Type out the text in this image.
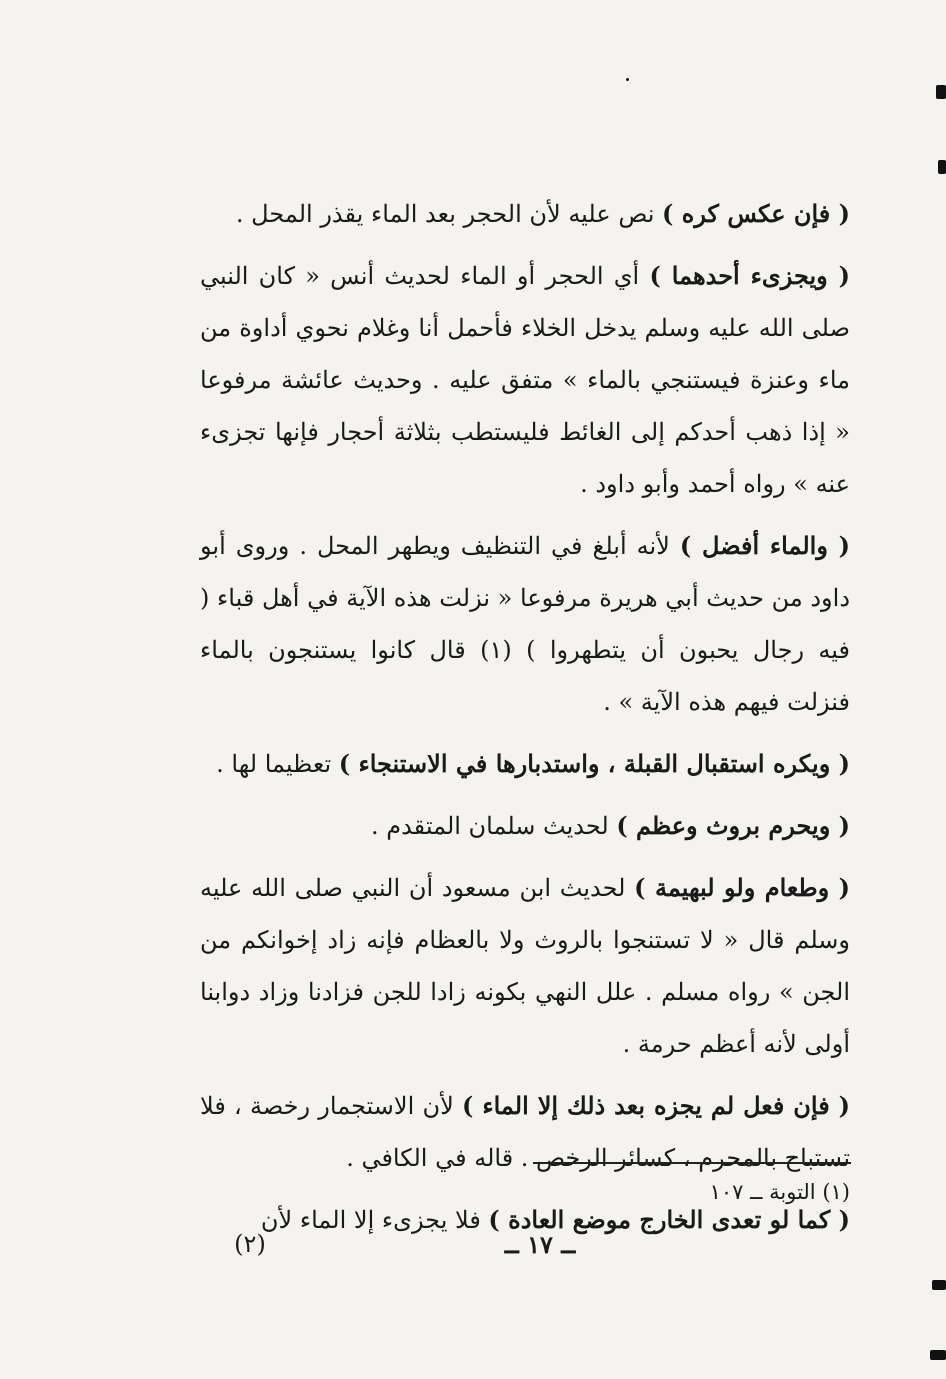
( فإن عكس كره ) نص عليه لأن الحجر بعد الماء يقذر المحل .

( ويجزىء أحدهما ) أي الحجر أو الماء لحديث أنس « كان النبي صلى الله عليه وسلم يدخل الخلاء فأحمل أنا وغلام نحوي أداوة من ماء وعنزة فيستنجي بالماء » متفق عليه . وحديث عائشة مرفوعا « إذا ذهب أحدكم إلى الغائط فليستطب بثلاثة أحجار فإنها تجزىء عنه » رواه أحمد وأبو داود .

( والماء أفضل ) لأنه أبلغ في التنظيف ويطهر المحل . وروى أبو داود من حديث أبي هريرة مرفوعا « نزلت هذه الآية في أهل قباء ( فيه رجال يحبون أن يتطهروا ) (١) قال كانوا يستنجون بالماء فنزلت فيهم هذه الآية » .

( ويكره استقبال القبلة ، واستدبارها في الاستنجاء ) تعظيما لها .

( ويحرم بروث وعظم ) لحديث سلمان المتقدم .

( وطعام ولو لبهيمة ) لحديث ابن مسعود أن النبي صلى الله عليه وسلم قال « لا تستنجوا بالروث ولا بالعظام فإنه زاد إخوانكم من الجن » رواه مسلم . علل النهي بكونه زادا للجن فزادنا وزاد دوابنا أولى لأنه أعظم حرمة .

( فإن فعل لم يجزه بعد ذلك إلا الماء ) لأن الاستجمار رخصة ، فلا تستباح بالمحرم ، كسائر الرخص . قاله في الكافي .

( كما لو تعدى الخارج موضع العادة ) فلا يجزىء إلا الماء لأن

(١) التوبة ــ ١٠٧
ــ ١٧ ــ
(٢)
